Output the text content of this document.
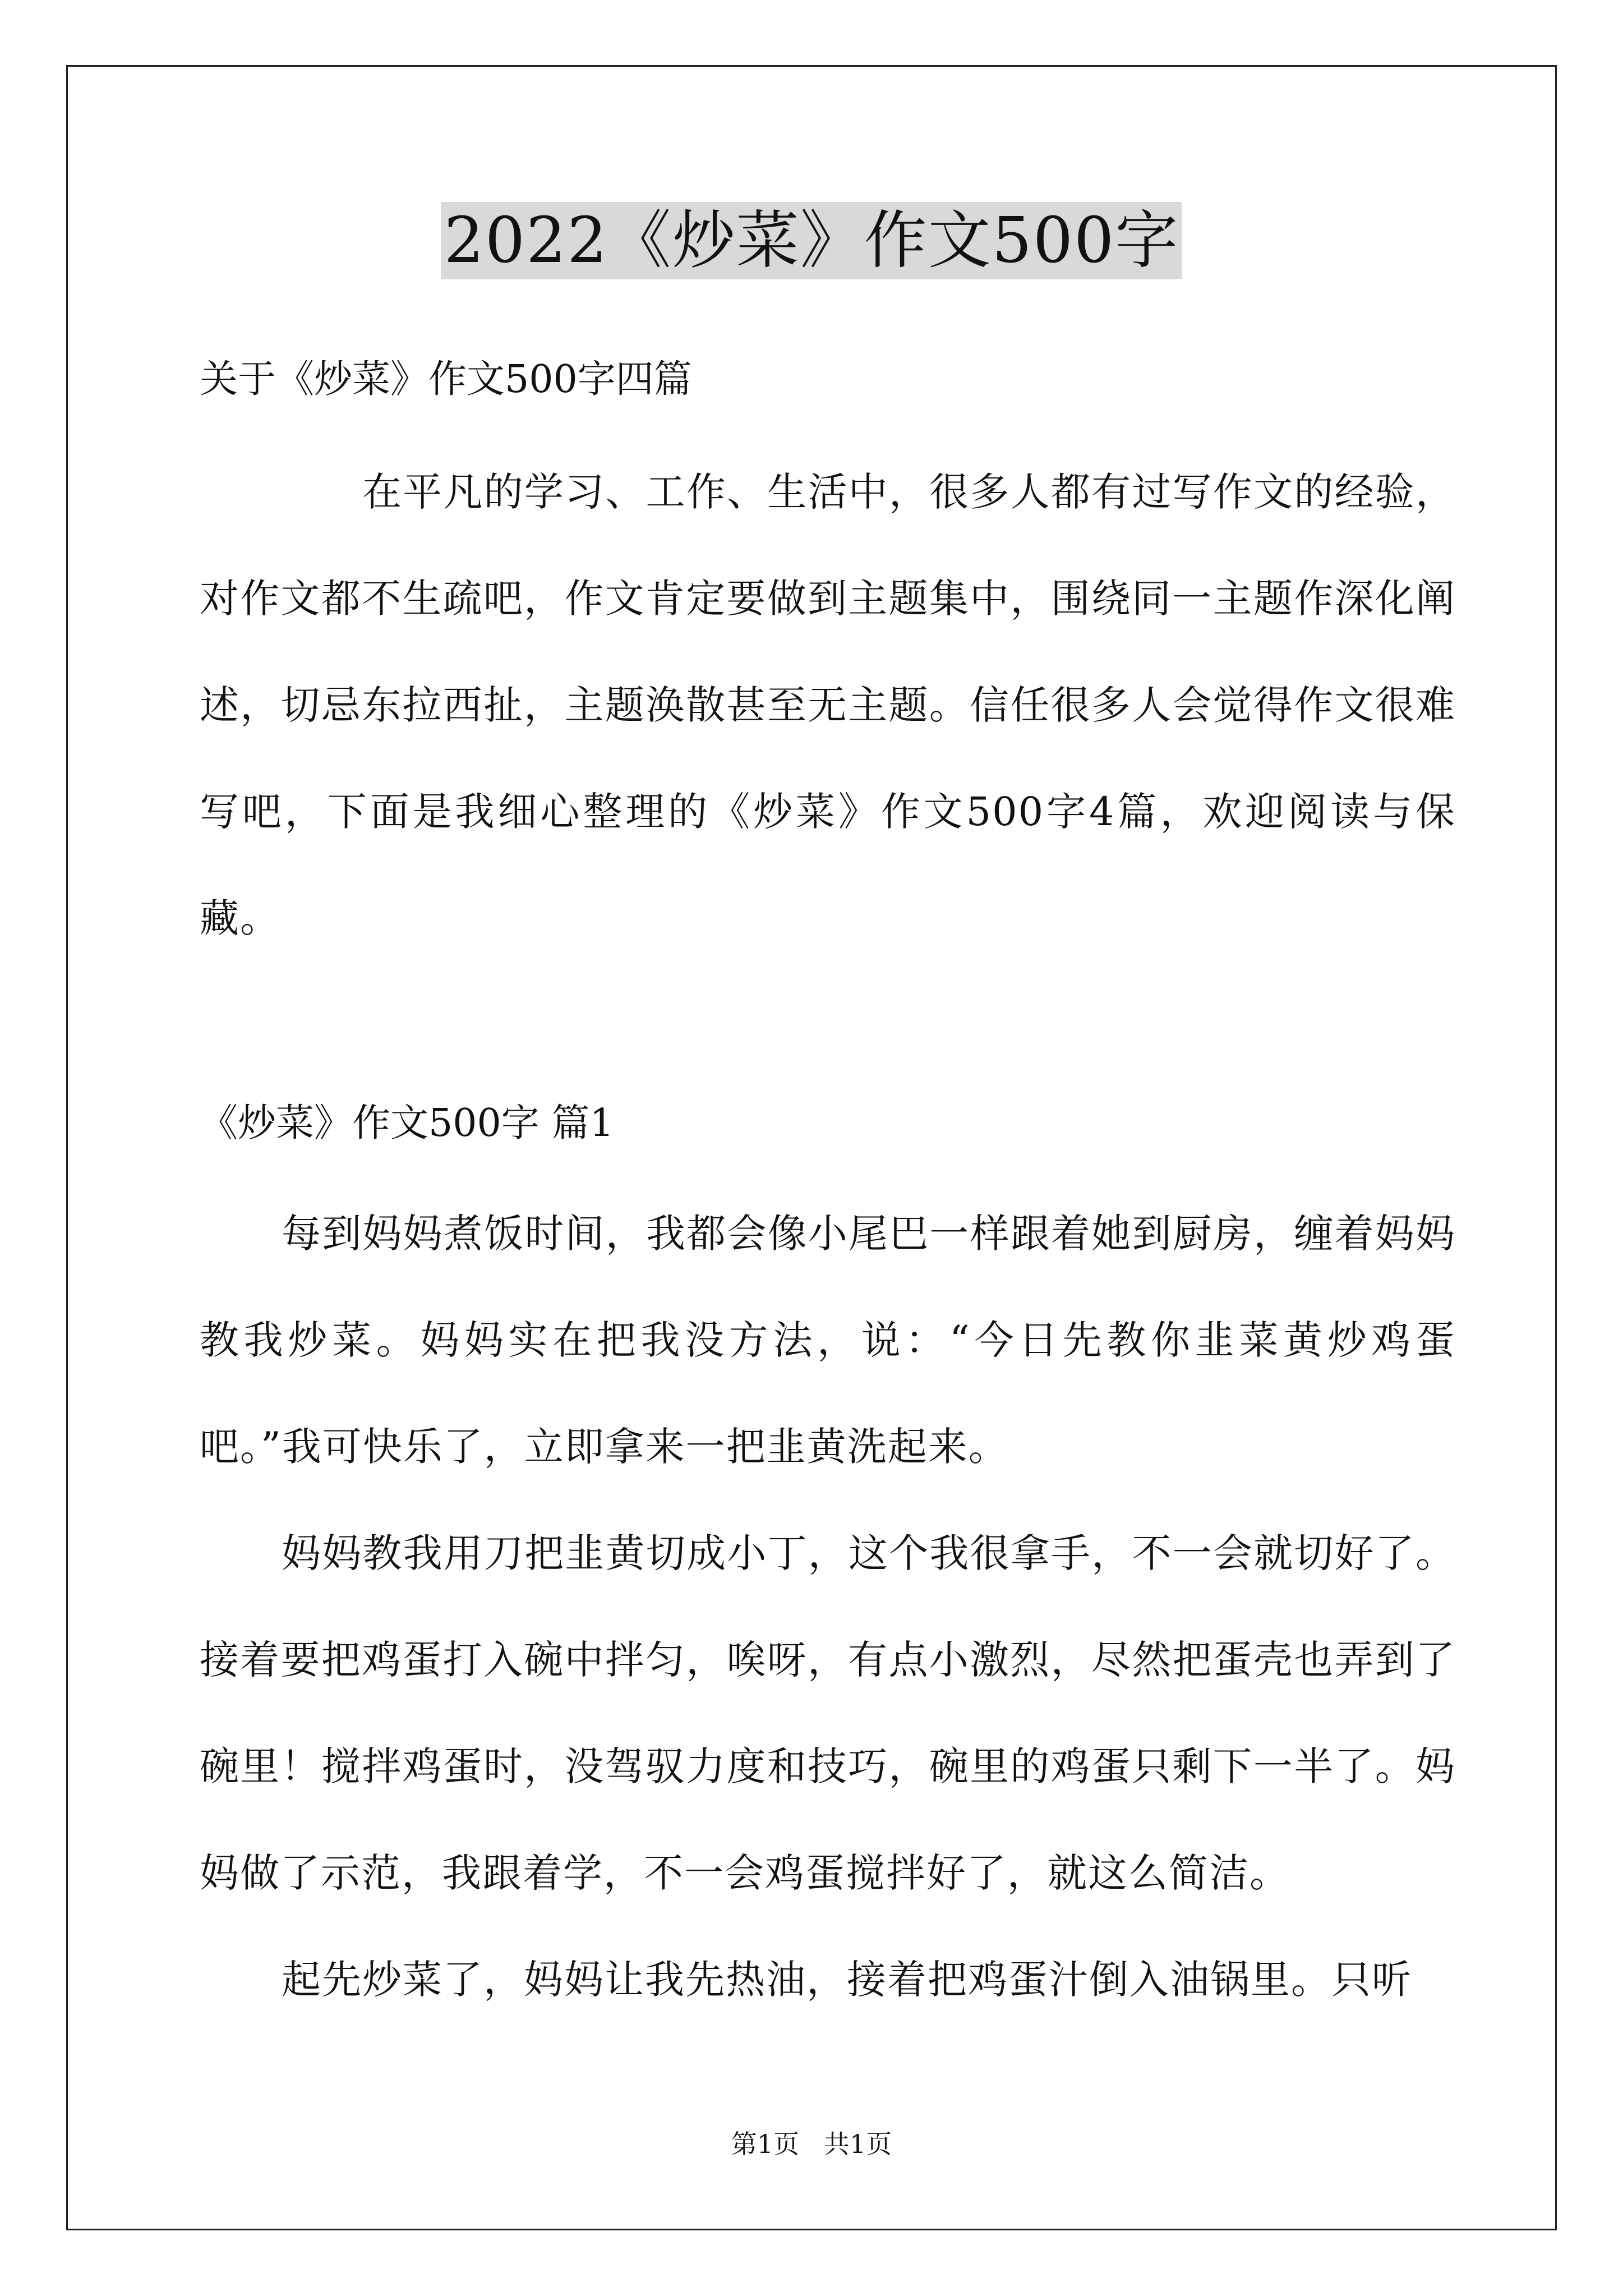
2022《炒菜》作文500字
关于《炒菜》作文500字四篇
在平凡的学习、工作、生活中，很多人都有过写作文的经验，对作文都不生疏吧，作文肯定要做到主题集中，围绕同一主题作深化阐述，切忌东拉西扯，主题涣散甚至无主题。信任很多人会觉得作文很难写吧，下面是我细心整理的《炒菜》作文500字4篇，欢迎阅读与保藏。
《炒菜》作文500字 篇1
每到妈妈煮饭时间，我都会像小尾巴一样跟着她到厨房，缠着妈妈教我炒菜。妈妈实在把我没方法，说：“今日先教你韭菜黄炒鸡蛋吧。”我可快乐了，立即拿来一把韭黄洗起来。
妈妈教我用刀把韭黄切成小丁，这个我很拿手，不一会就切好了。接着要把鸡蛋打入碗中拌匀，唉呀，有点小激烈，尽然把蛋壳也弄到了碗里！搅拌鸡蛋时，没驾驭力度和技巧，碗里的鸡蛋只剩下一半了。妈妈做了示范，我跟着学，不一会鸡蛋搅拌好了，就这么简洁。
起先炒菜了，妈妈让我先热油，接着把鸡蛋汁倒入油锅里。只听
第1页   共1页
